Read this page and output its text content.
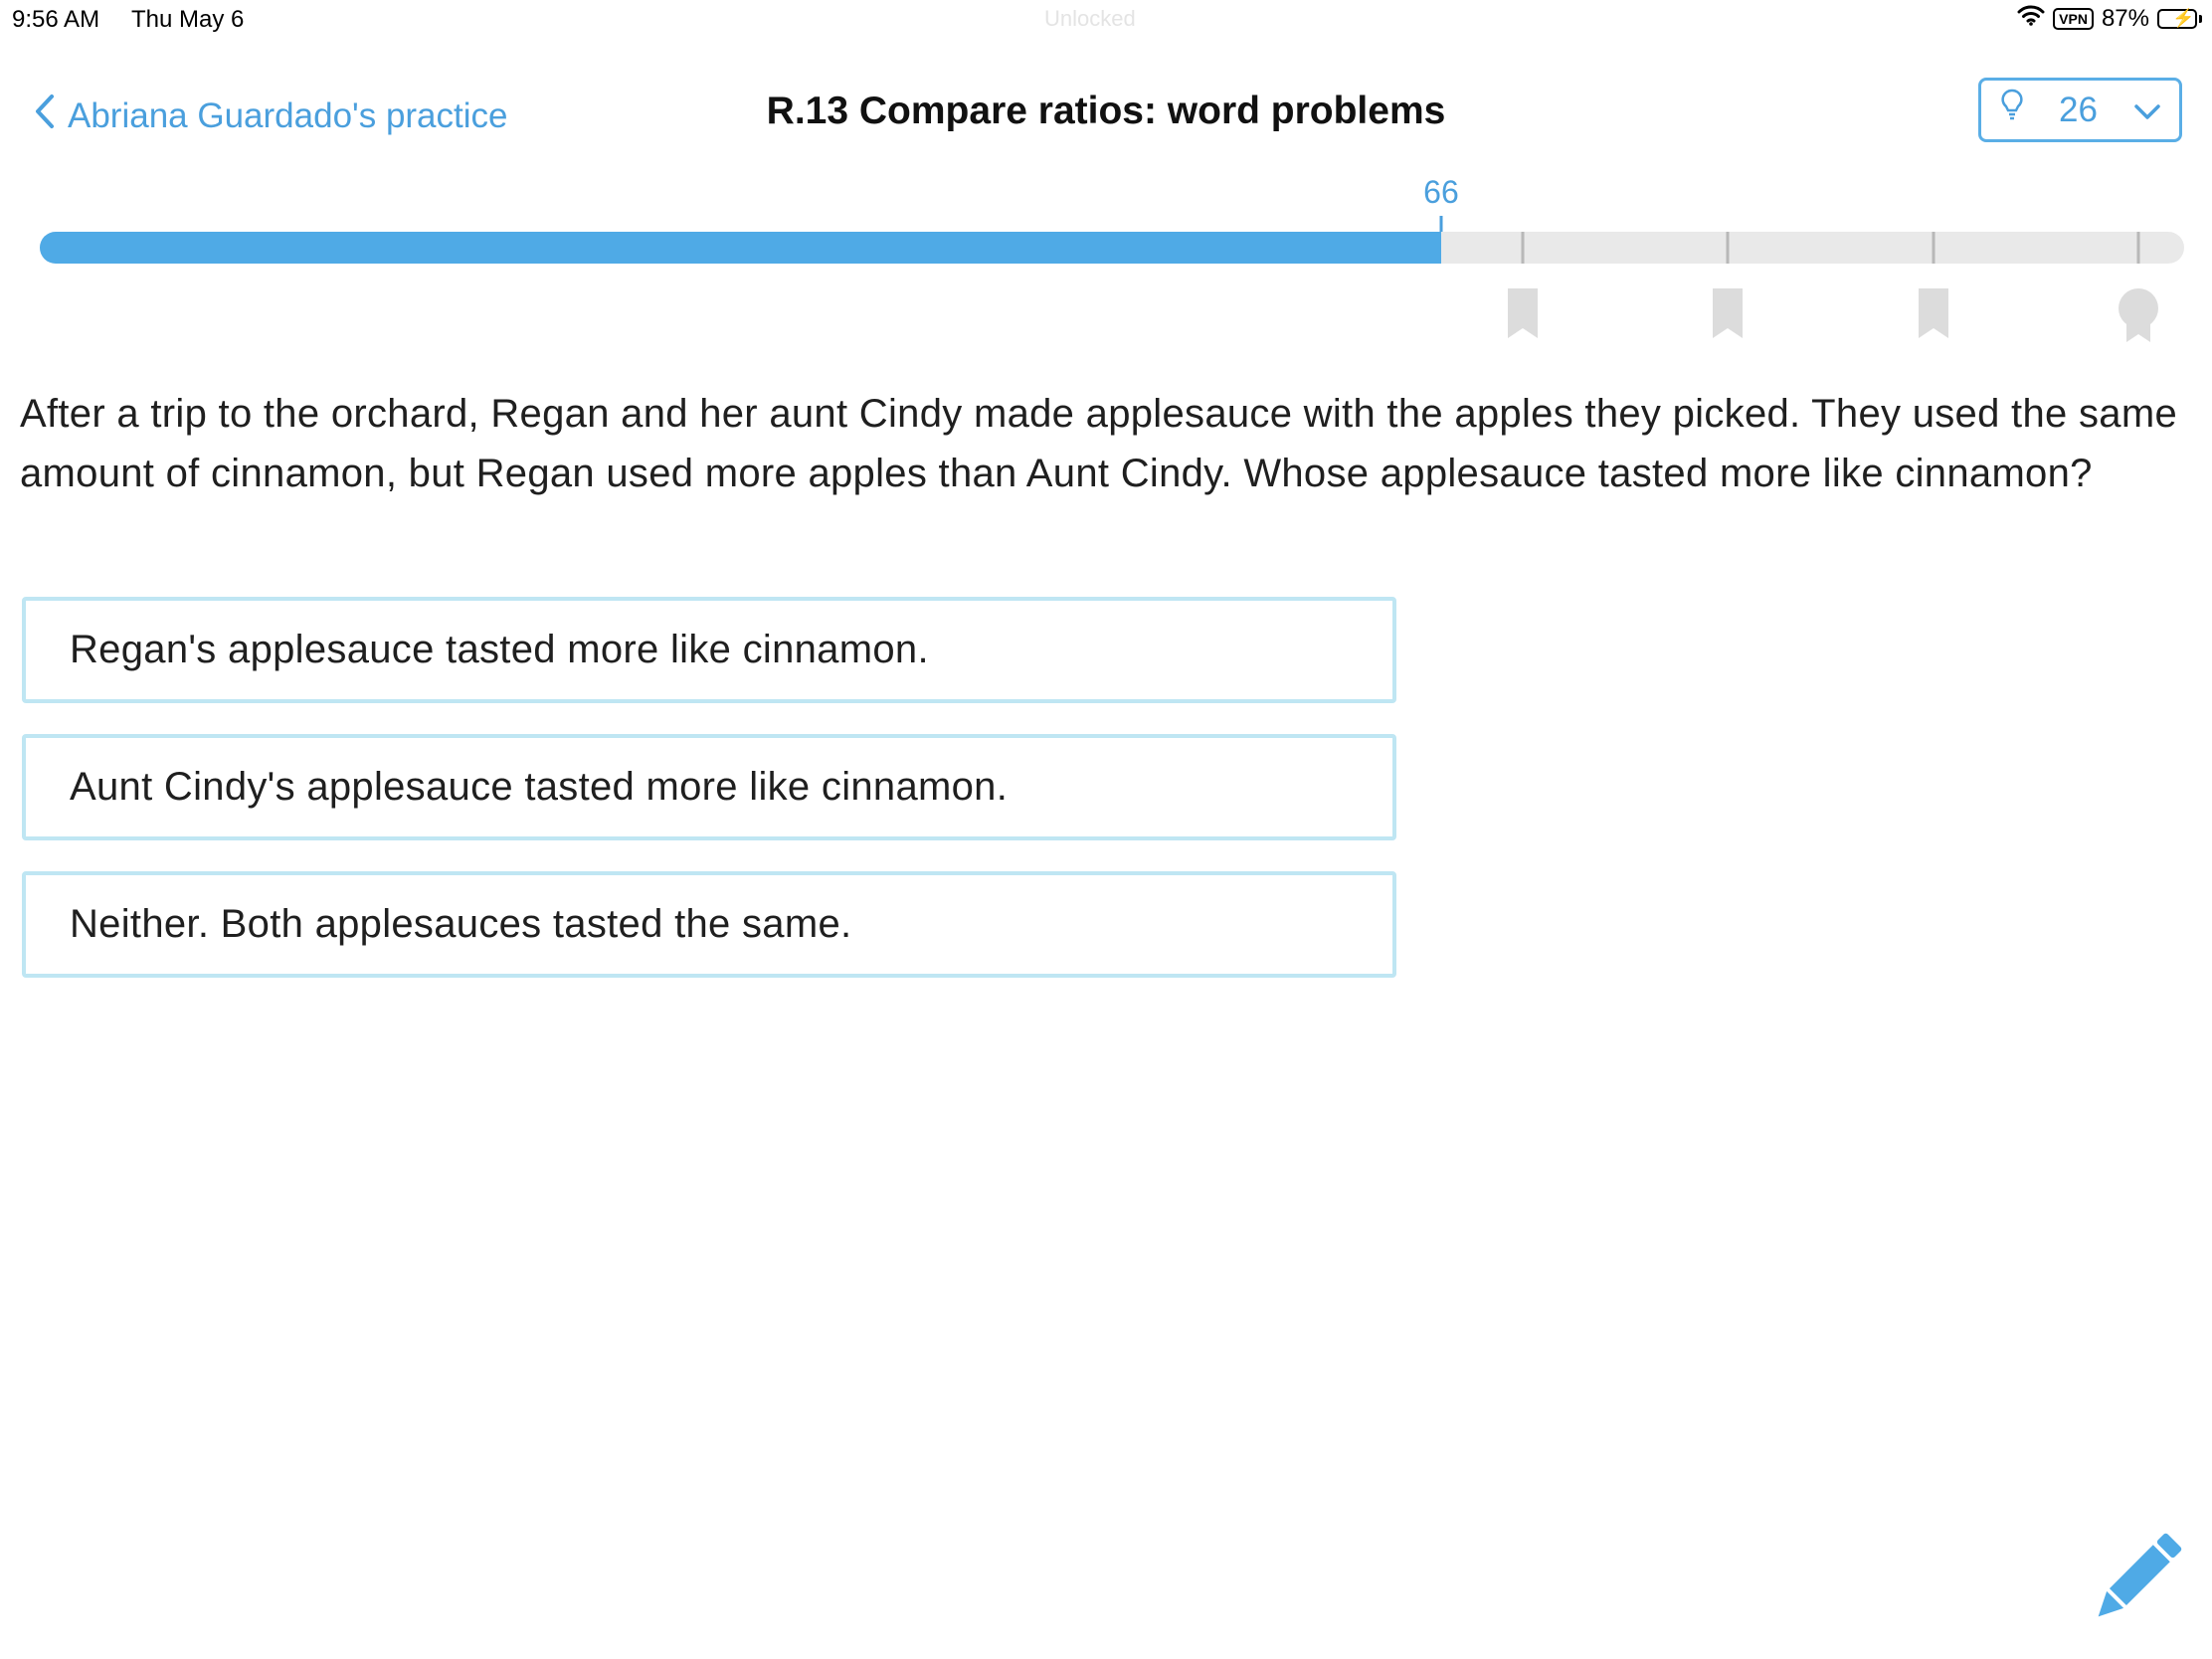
9:56 AM Thu May 6	Unlocked	VPN 87% ⚡
Abriana Guardado's practice	R.13 Compare ratios: word problems	26
66
After a trip to the orchard, Regan and her aunt Cindy made applesauce with the apples they picked. They used the same amount of cinnamon, but Regan used more apples than Aunt Cindy. Whose applesauce tasted more like cinnamon?
Regan's applesauce tasted more like cinnamon.
Aunt Cindy's applesauce tasted more like cinnamon.
Neither. Both applesauces tasted the same.
